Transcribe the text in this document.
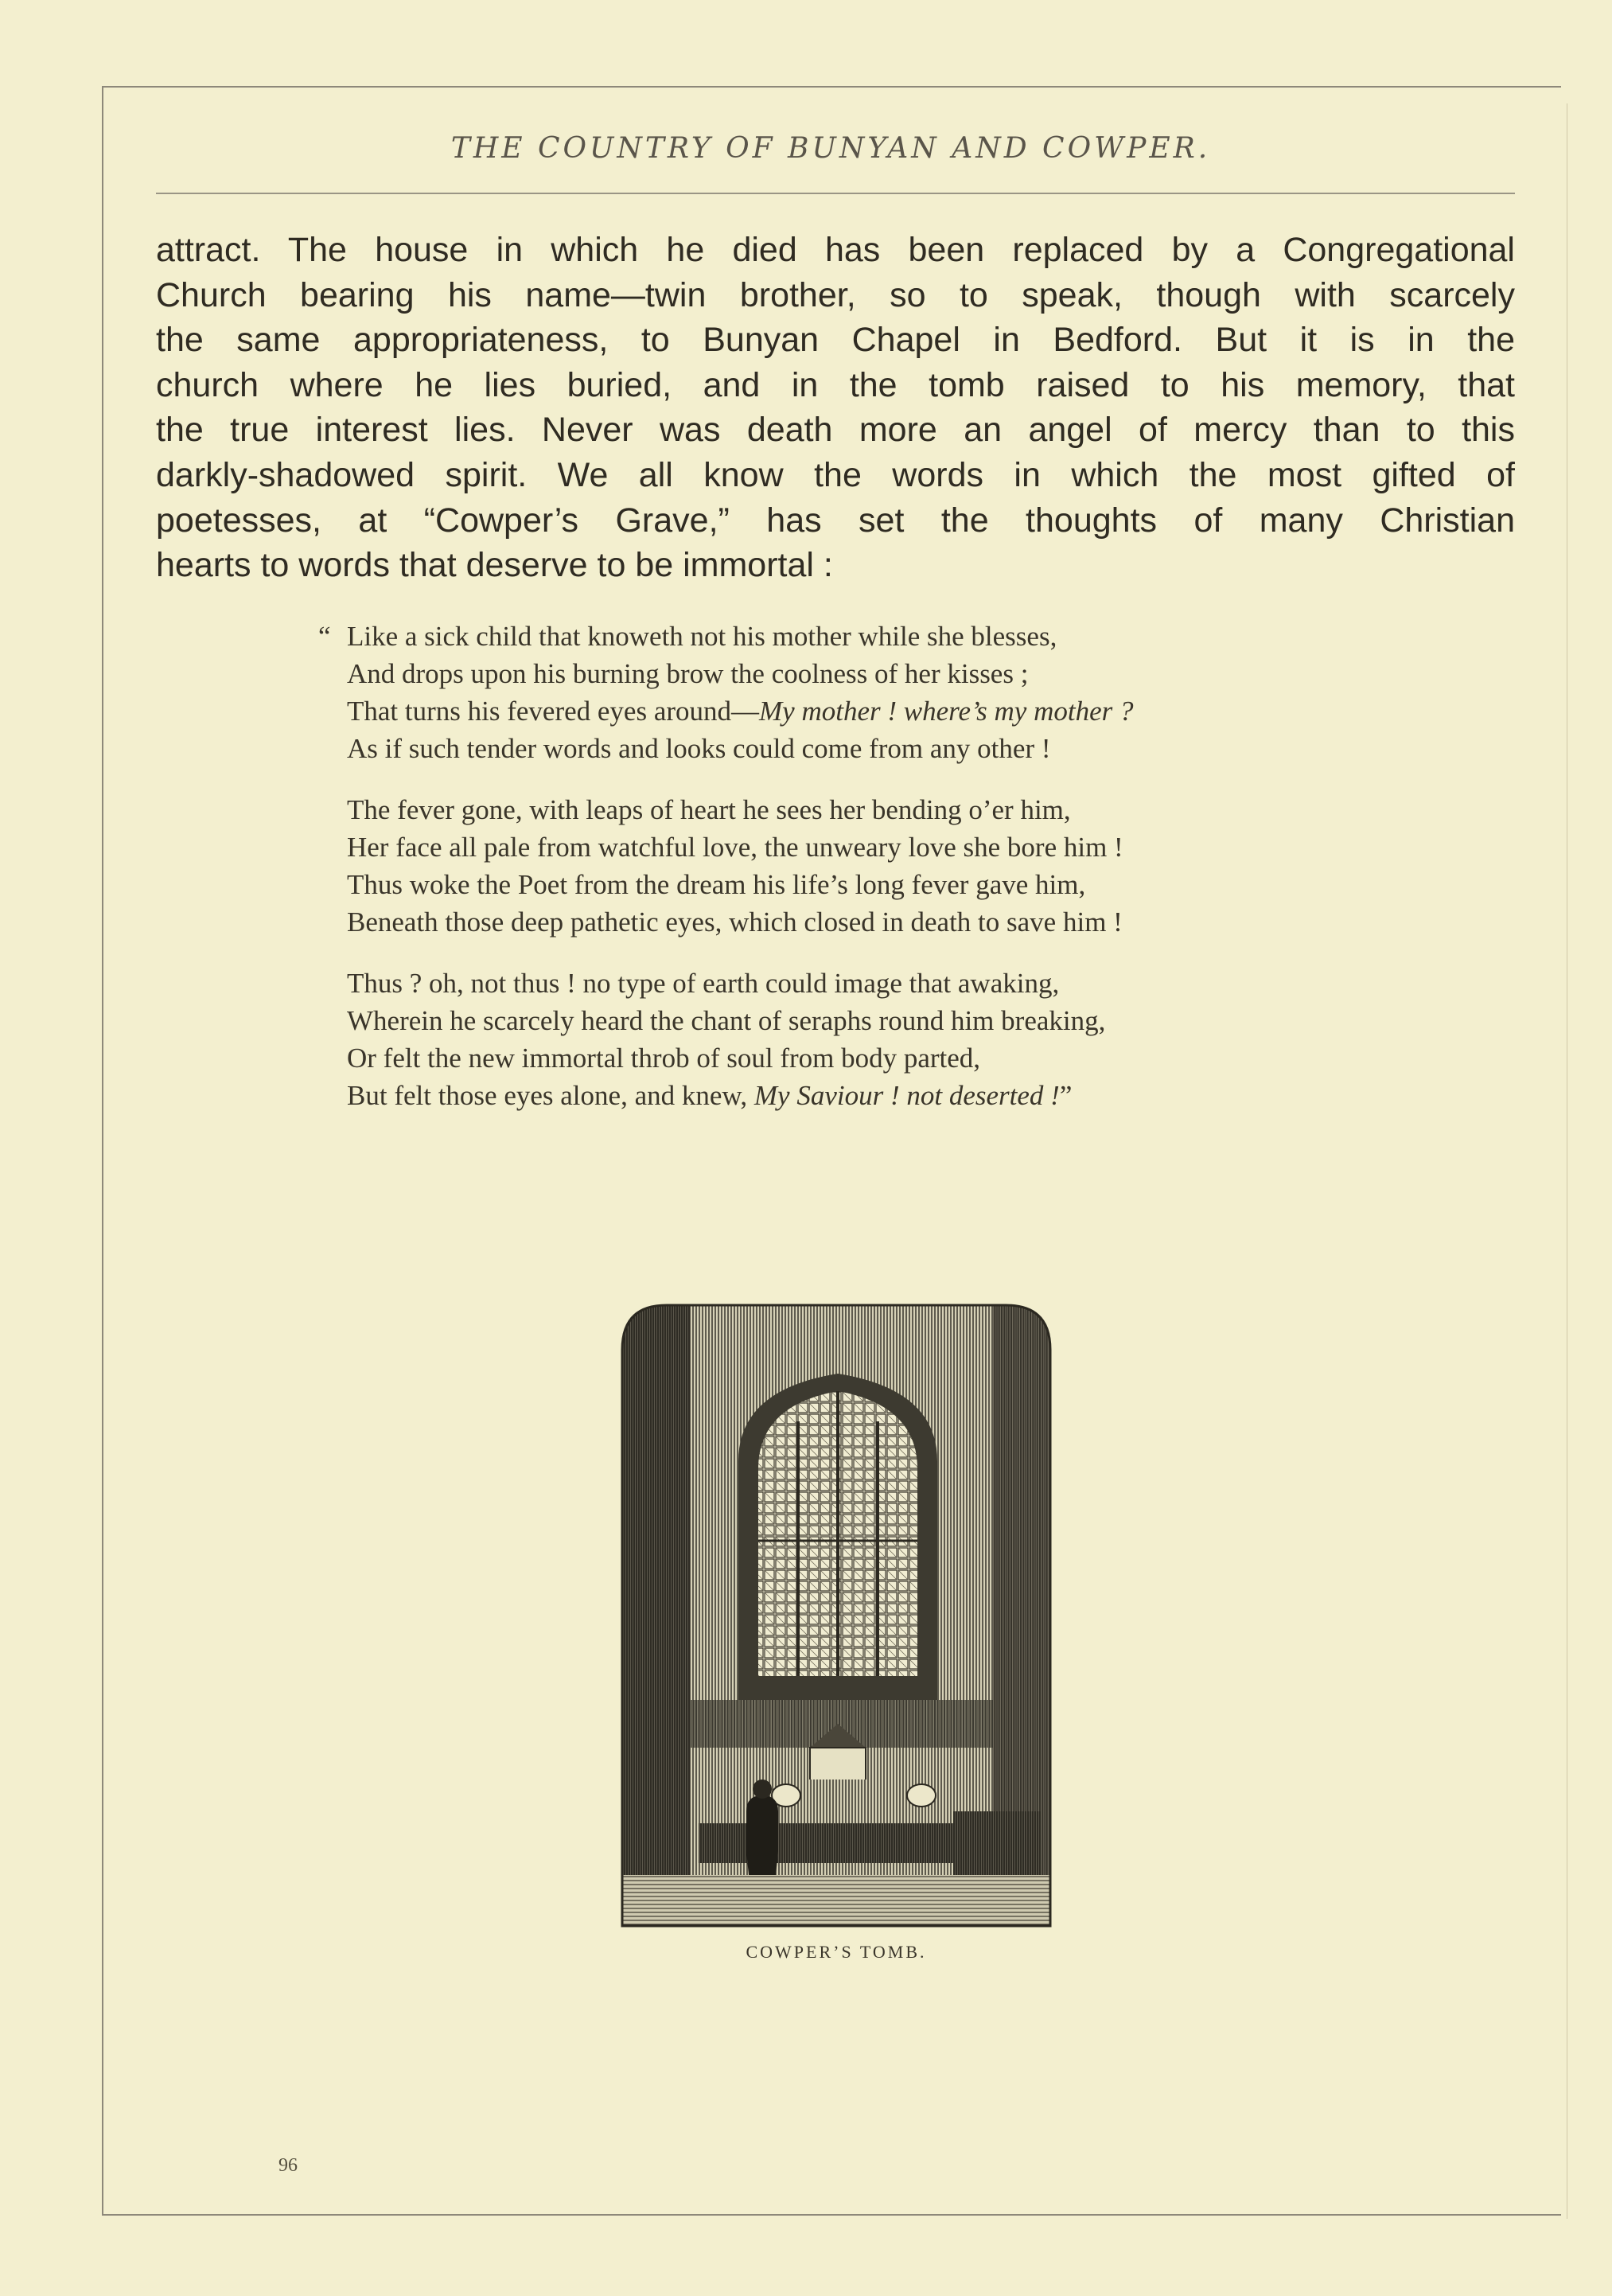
THE COUNTRY OF BUNYAN AND COWPER.
attract. The house in which he died has been replaced by a Congregational
Church bearing his name—twin brother, so to speak, though with scarcely
the same appropriateness, to Bunyan Chapel in Bedford. But it is in the
church where he lies buried, and in the tomb raised to his memory, that
the true interest lies. Never was death more an angel of mercy than to this
darkly-shadowed spirit. We all know the words in which the most gifted of
poetesses, at “Cowper’s Grave,” has set the thoughts of many Christian
hearts to words that deserve to be immortal :
“ Like a sick child that knoweth not his mother while she blesses,
And drops upon his burning brow the coolness of her kisses ;
That turns his fevered eyes around—My mother ! where’s my mother ?
As if such tender words and looks could come from any other !
The fever gone, with leaps of heart he sees her bending o’er him,
Her face all pale from watchful love, the unweary love she bore him !
Thus woke the Poet from the dream his life’s long fever gave him,
Beneath those deep pathetic eyes, which closed in death to save him !
Thus ? oh, not thus ! no type of earth could image that awaking,
Wherein he scarcely heard the chant of seraphs round him breaking,
Or felt the new immortal throb of soul from body parted,
But felt those eyes alone, and knew, My Saviour ! not deserted !”
COWPER’S TOMB.
96
